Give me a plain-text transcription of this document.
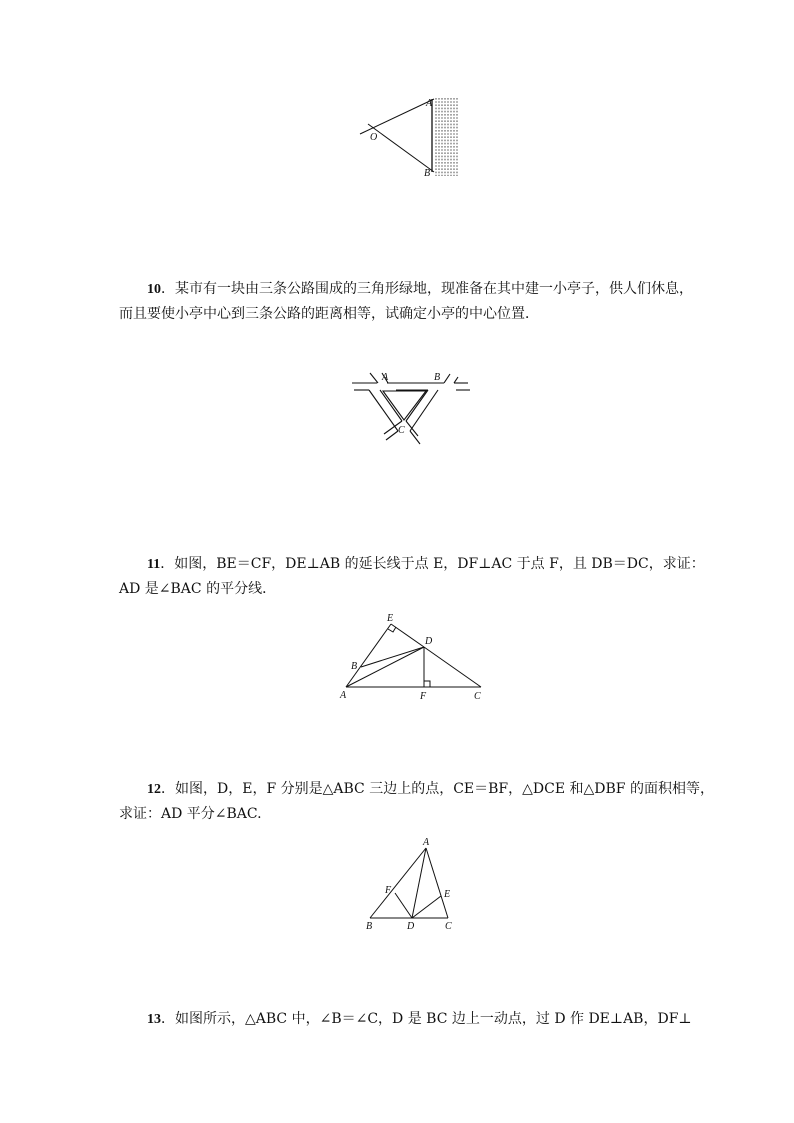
A
O
B
10．某市有一块由三条公路围成的三角形绿地，现准备在其中建一小亭子，供人们休息，
而且要使小亭中心到三条公路的距离相等，试确定小亭的中心位置．
A	B
C
11．如图，BE＝CF，DE⊥AB 的延长线于点 E，DF⊥AC 于点 F，且 DB＝DC，求证：
AD 是∠BAC 的平分线．
E
D
B
A	F	C
12．如图，D，E，F 分别是△ABC 三边上的点，CE＝BF，△DCE 和△DBF 的面积相等，
求证：AD 平分∠BAC.
A
F	E
B	D	C
13．如图所示，△ABC 中，∠B＝∠C，D 是 BC 边上一动点，过 D 作 DE⊥AB，DF⊥
